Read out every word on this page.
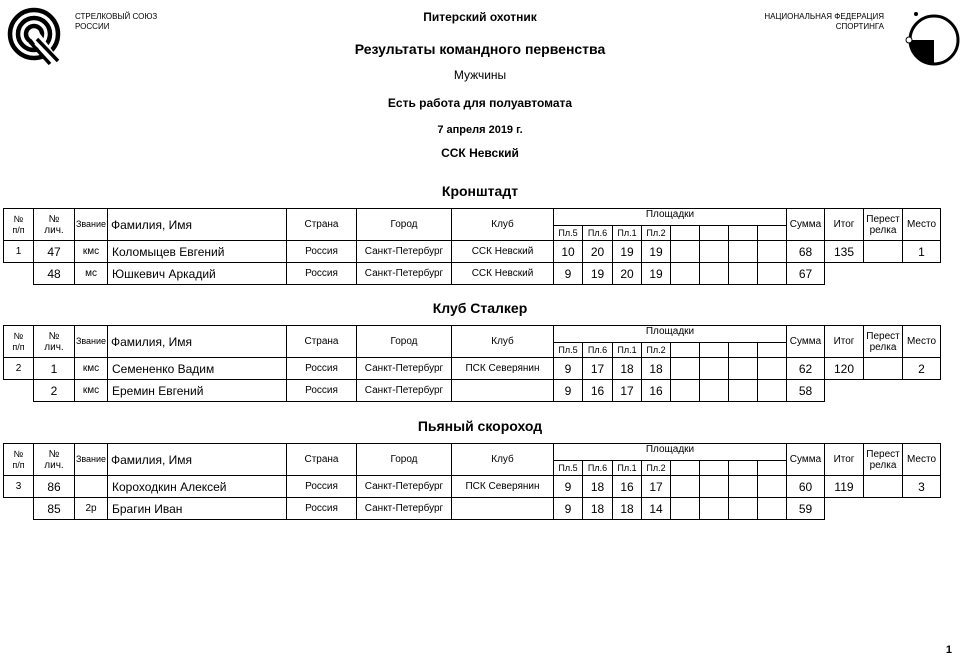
СТРЕЛКОВЫЙ СОЮЗ
РОССИИ
НАЦИОНАЛЬНАЯ ФЕДЕРАЦИЯ
СПОРТИНГА
Питерский охотник
Результаты командного первенства
Мужчины
Есть работа для полуавтомата
7 апреля 2019 г.
ССК Невский
Кронштадт
№
п/п

№
лич.
	Звание	Фамилия, Имя	Страна	Город	Клуб	Площадки	Сумма	Итог	Перест
релка	Место
Пл.5	Пл.6	Пл.1	Пл.2				
1	47	кмс	Коломыцев Евгений	Россия	Санкт-Петербург	ССК Невский	10	20	19	19					68	135		1
	48	мс	Юшкевич Аркадий	Россия	Санкт-Петербург	ССК Невский	9	19	20	19					67			
Клуб Сталкер
№
п/п

№
лич.
	Звание	Фамилия, Имя	Страна	Город	Клуб	Площадки	Сумма	Итог	Перест
релка	Место
Пл.5	Пл.6	Пл.1	Пл.2				
2	1	кмс	Семененко Вадим	Россия	Санкт-Петербург	ПСК Северянин	9	17	18	18					62	120		2
	2	кмс	Еремин Евгений	Россия	Санкт-Петербург		9	16	17	16					58			
Пьяный скороход
№
п/п

№
лич.
	Звание	Фамилия, Имя	Страна	Город	Клуб	Площадки	Сумма	Итог	Перест
релка	Место
Пл.5	Пл.6	Пл.1	Пл.2				
3	86		Короходкин Алексей	Россия	Санкт-Петербург	ПСК Северянин	9	18	16	17					60	119		3
	85	2р	Брагин Иван	Россия	Санкт-Петербург		9	18	18	14					59			
1
